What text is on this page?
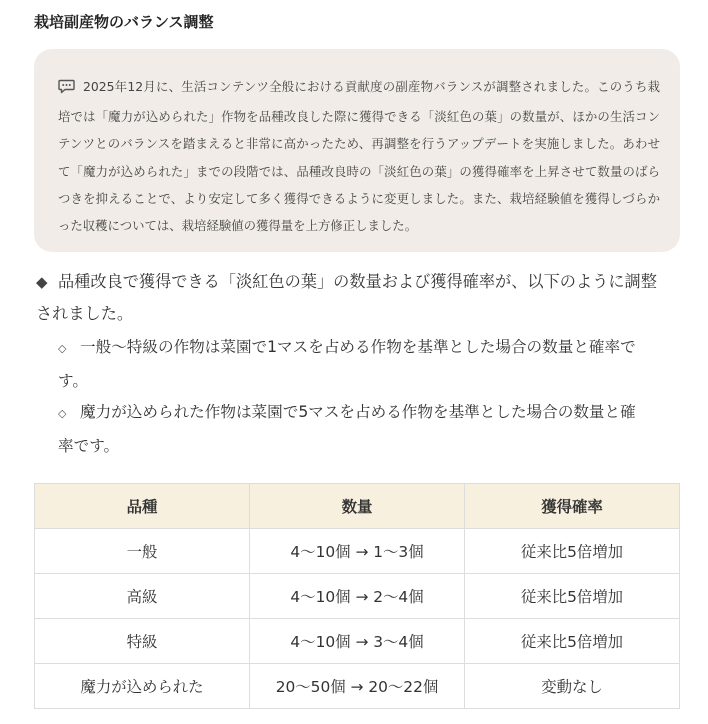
栽培副産物のバランス調整

2025年12月に、生活コンテンツ全般における貢献度の副産物バランスが調整されました。このうち栽培では「魔力が込められた」作物を品種改良した際に獲得できる「淡紅色の葉」の数量が、ほかの生活コンテンツとのバランスを踏まえると非常に高かったため、再調整を行うアップデートを実施しました。あわせて「魔力が込められた」までの段階では、品種改良時の「淡紅色の葉」の獲得確率を上昇させて数量のばらつきを抑えることで、より安定して多く獲得できるように変更しました。また、栽培経験値を獲得しづらかった収穫については、栽培経験値の獲得量を上方修正しました。

◆ 品種改良で獲得できる「淡紅色の葉」の数量および獲得確率が、以下のように調整されました。
◇ 一般～特級の作物は菜園で1マスを占める作物を基準とした場合の数量と確率です。
◇ 魔力が込められた作物は菜園で5マスを占める作物を基準とした場合の数量と確率です。
品種	数量	獲得確率
一般	4～10個 → 1～3個	従来比5倍増加
高級	4～10個 → 2～4個	従来比5倍増加
特級	4～10個 → 3～4個	従来比5倍増加
魔力が込められた	20～50個 → 20～22個	変動なし
